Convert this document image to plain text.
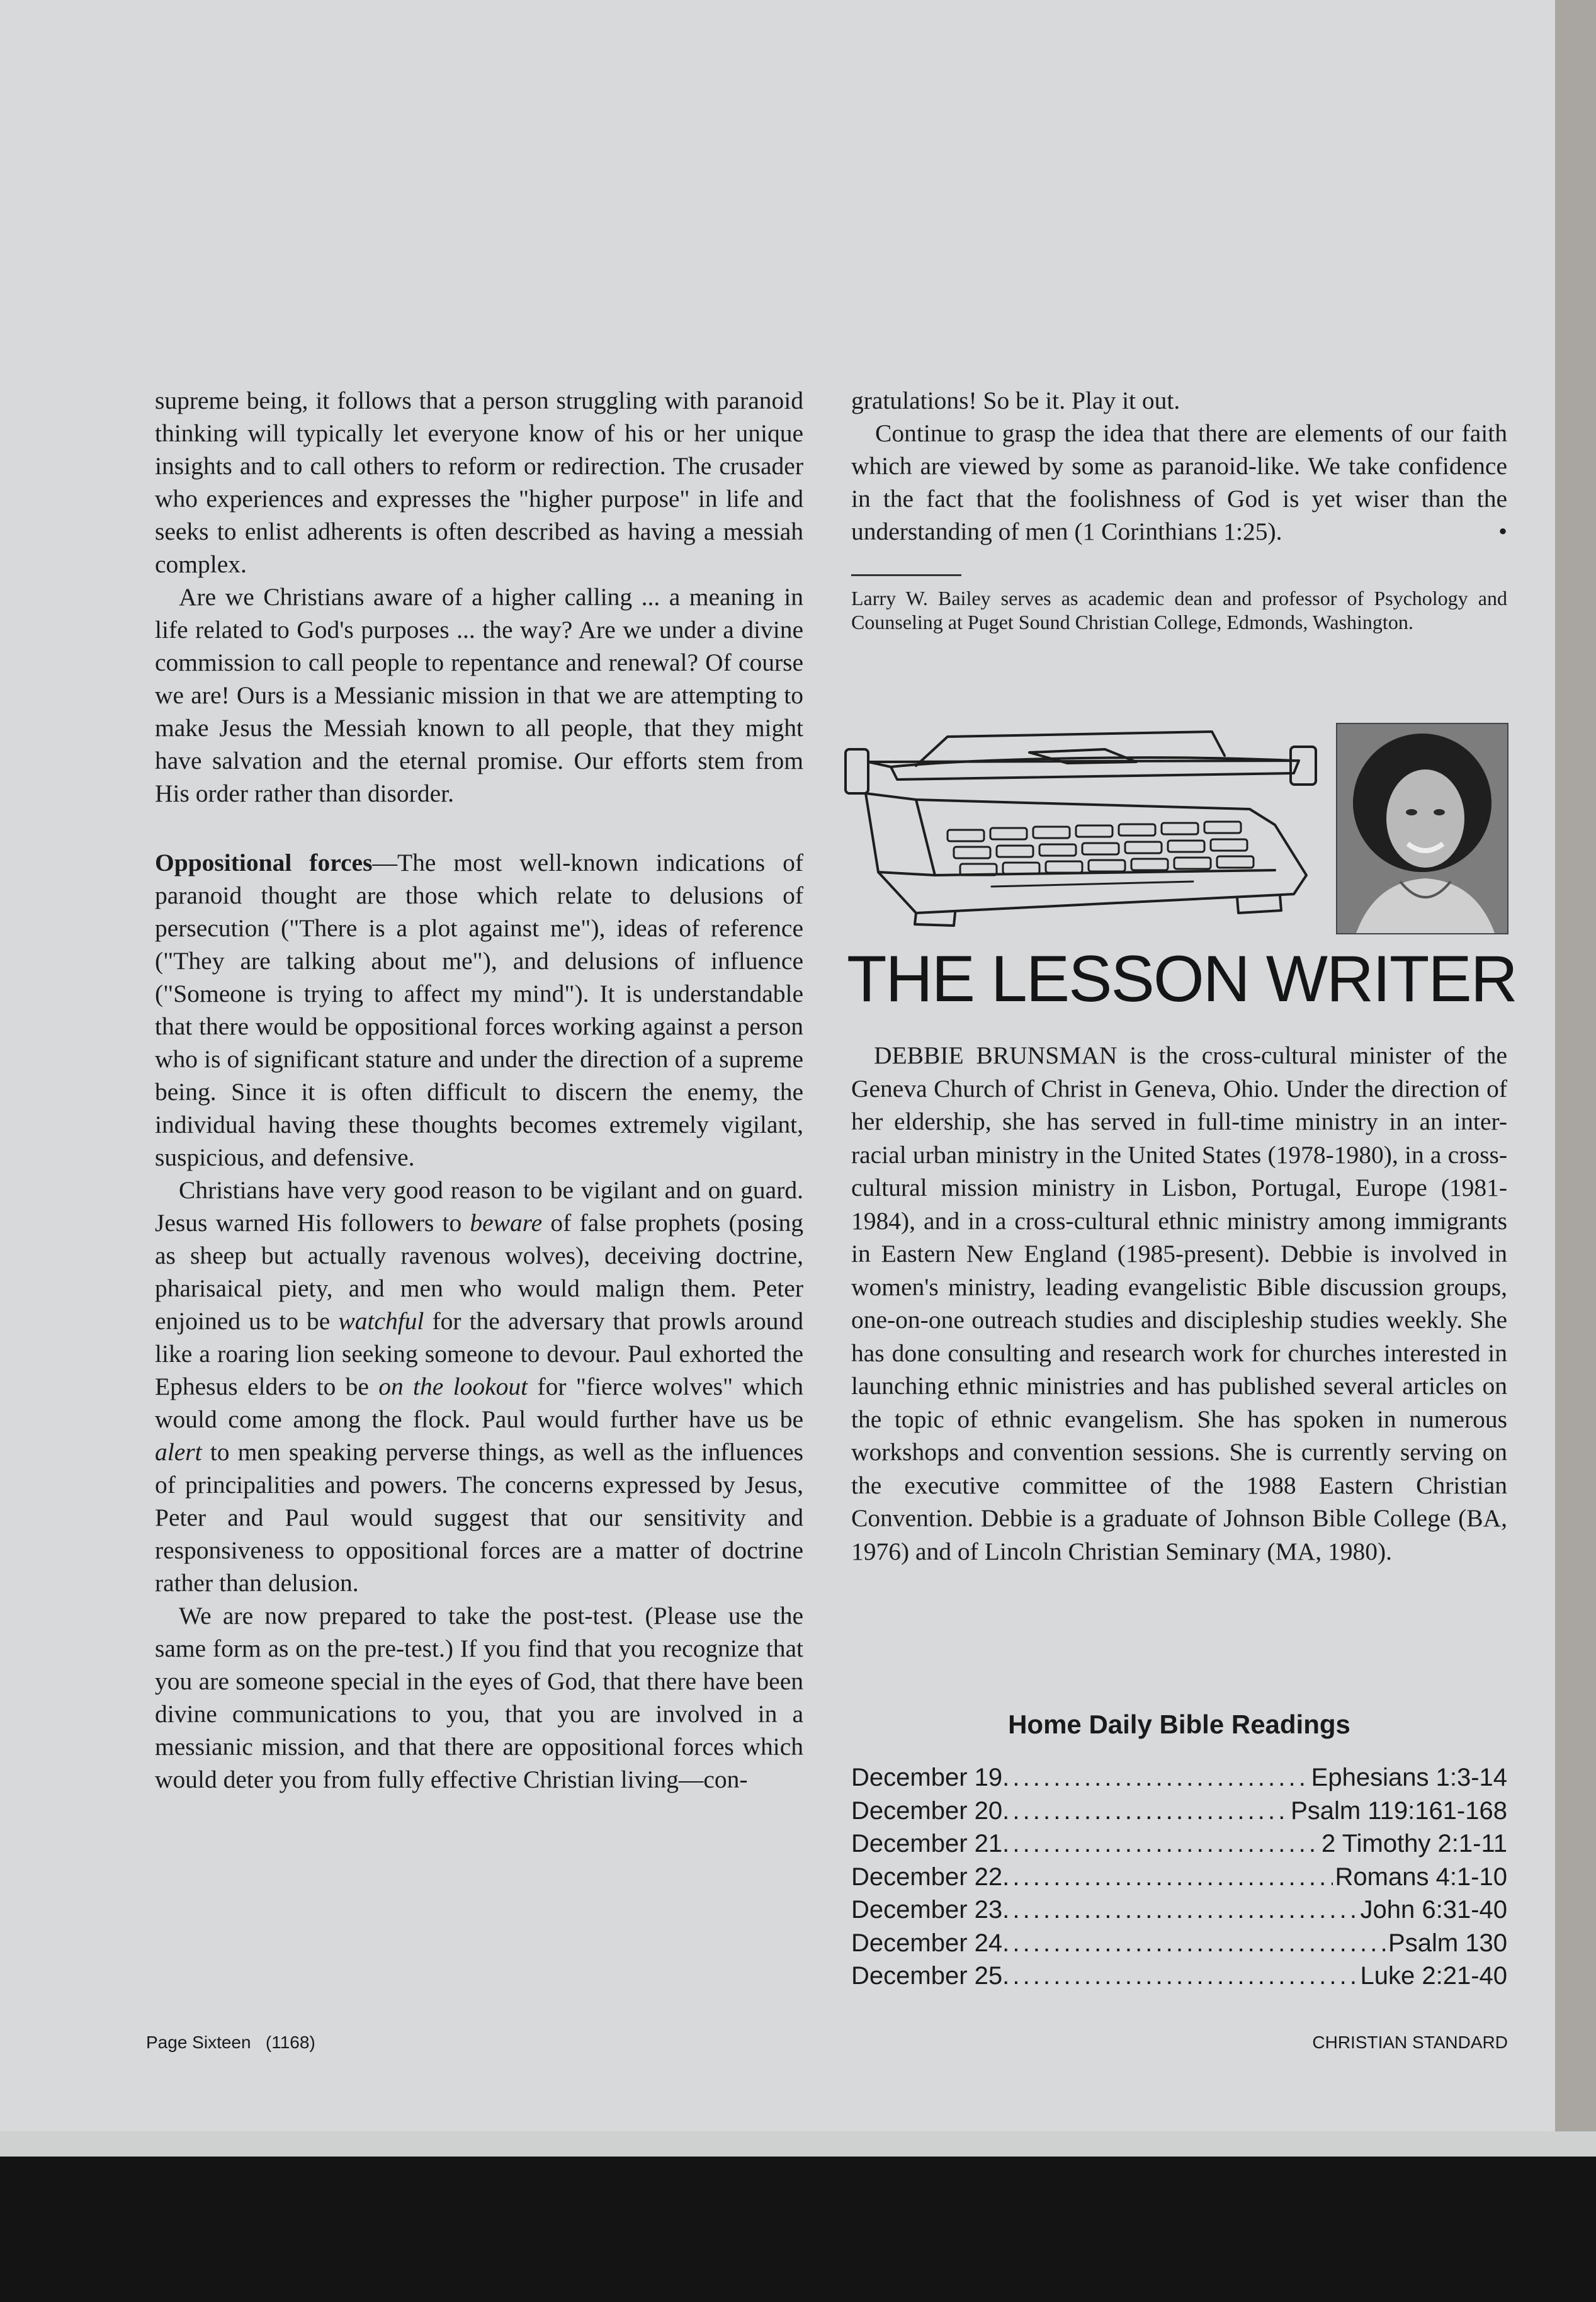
supreme being, it follows that a person struggling with paranoid thinking will typically let everyone know of his or her unique insights and to call others to reform or redirection. The crusader who experiences and expresses the "higher purpose" in life and seeks to enlist adherents is often described as having a messiah complex.

Are we Christians aware of a higher calling ... a meaning in life related to God's purposes ... the way? Are we under a divine commission to call people to repentance and renewal? Of course we are! Ours is a Messianic mission in that we are attempting to make Jesus the Messiah known to all people, that they might have salvation and the eternal promise. Our efforts stem from His order rather than disorder.

Oppositional forces—The most well-known indications of paranoid thought are those which relate to delusions of persecution ("There is a plot against me"), ideas of reference ("They are talking about me"), and delusions of influence ("Someone is trying to affect my mind"). It is understandable that there would be oppositional forces working against a person who is of significant stature and under the direction of a supreme being. Since it is often difficult to discern the enemy, the individual having these thoughts becomes extremely vigilant, suspicious, and defensive.

Christians have very good reason to be vigilant and on guard. Jesus warned His followers to beware of false prophets (posing as sheep but actually ravenous wolves), deceiving doctrine, pharisaical piety, and men who would malign them. Peter enjoined us to be watchful for the adversary that prowls around like a roaring lion seeking someone to devour. Paul exhorted the Ephesus elders to be on the lookout for "fierce wolves" which would come among the flock. Paul would further have us be alert to men speaking perverse things, as well as the influences of principalities and powers. The concerns expressed by Jesus, Peter and Paul would suggest that our sensitivity and responsiveness to oppositional forces are a matter of doctrine rather than delusion.

We are now prepared to take the post-test. (Please use the same form as on the pre-test.) If you find that you recognize that you are someone special in the eyes of God, that there have been divine communications to you, that you are involved in a messianic mission, and that there are oppositional forces which would deter you from fully effective Christian living—con-

gratulations! So be it. Play it out.

Continue to grasp the idea that there are elements of our faith which are viewed by some as paranoid-like. We take confidence in the fact that the foolishness of God is yet wiser than the understanding of men (1 Corinthians 1:25).	•

Larry W. Bailey serves as academic dean and professor of Psychology and Counseling at Puget Sound Christian College, Edmonds, Washington.

THE LESSON WRITER

DEBBIE BRUNSMAN is the cross-cultural minister of the Geneva Church of Christ in Geneva, Ohio. Under the direction of her eldership, she has served in full-time ministry in an inter-racial urban ministry in the United States (1978-1980), in a cross-cultural mission ministry in Lisbon, Portugal, Europe (1981-1984), and in a cross-cultural ethnic ministry among immigrants in Eastern New England (1985-present). Debbie is involved in women's ministry, leading evangelistic Bible discussion groups, one-on-one outreach studies and discipleship studies weekly. She has done consulting and research work for churches interested in launching ethnic ministries and has published several articles on the topic of ethnic evangelism. She has spoken in numerous workshops and convention sessions. She is currently serving on the executive committee of the 1988 Eastern Christian Convention. Debbie is a graduate of Johnson Bible College (BA, 1976) and of Lincoln Christian Seminary (MA, 1980).

Home Daily Bible Readings
December 19 . . .	Ephesians 1:3-14
December 20 . . .	Psalm 119:161-168
December 21 . . .	2 Timothy 2:1-11
December 22 . . .	Romans 4:1-10
December 23 . . .	John 6:31-40
December 24 . . .	Psalm 130
December 25 . . .	Luke 2:21-40
Page Sixteen   (1168)	CHRISTIAN STANDARD
